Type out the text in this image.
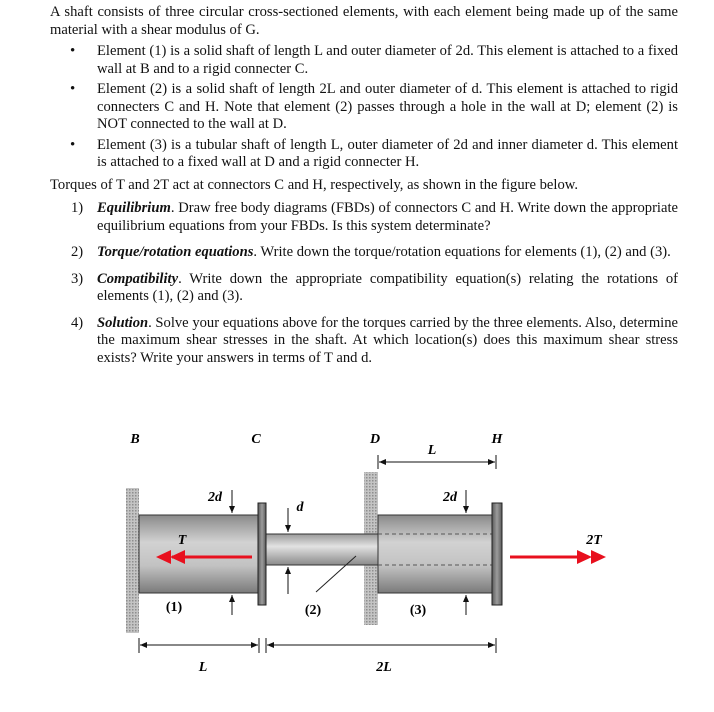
A shaft consists of three circular cross-sectioned elements, with each element being made up of the same material with a shear modulus of G.

• Element (1) is a solid shaft of length L and outer diameter of 2d. This element is attached to a fixed wall at B and to a rigid connecter C.
• Element (2) is a solid shaft of length 2L and outer diameter of d. This element is attached to rigid connecters C and H. Note that element (2) passes through a hole in the wall at D; element (2) is NOT connected to the wall at D.
• Element (3) is a tubular shaft of length L, outer diameter of 2d and inner diameter d. This element is attached to a fixed wall at D and a rigid connecter H.

Torques of T and 2T act at connectors C and H, respectively, as shown in the figure below.

1) Equilibrium. Draw free body diagrams (FBDs) of connectors C and H. Write down the appropriate equilibrium equations from your FBDs. Is this system determinate?
2) Torque/rotation equations. Write down the torque/rotation equations for elements (1), (2) and (3).
3) Compatibility. Write down the appropriate compatibility equation(s) relating the rotations of elements (1), (2) and (3).
4) Solution. Solve your equations above for the torques carried by the three elements. Also, determine the maximum shear stresses in the shaft. At which location(s) does this maximum shear stress exists? Write your answers in terms of T and d.
B	C	D	H
L
2d
d
2d
T	2T
(1)	(2)	(3)
L	2L
